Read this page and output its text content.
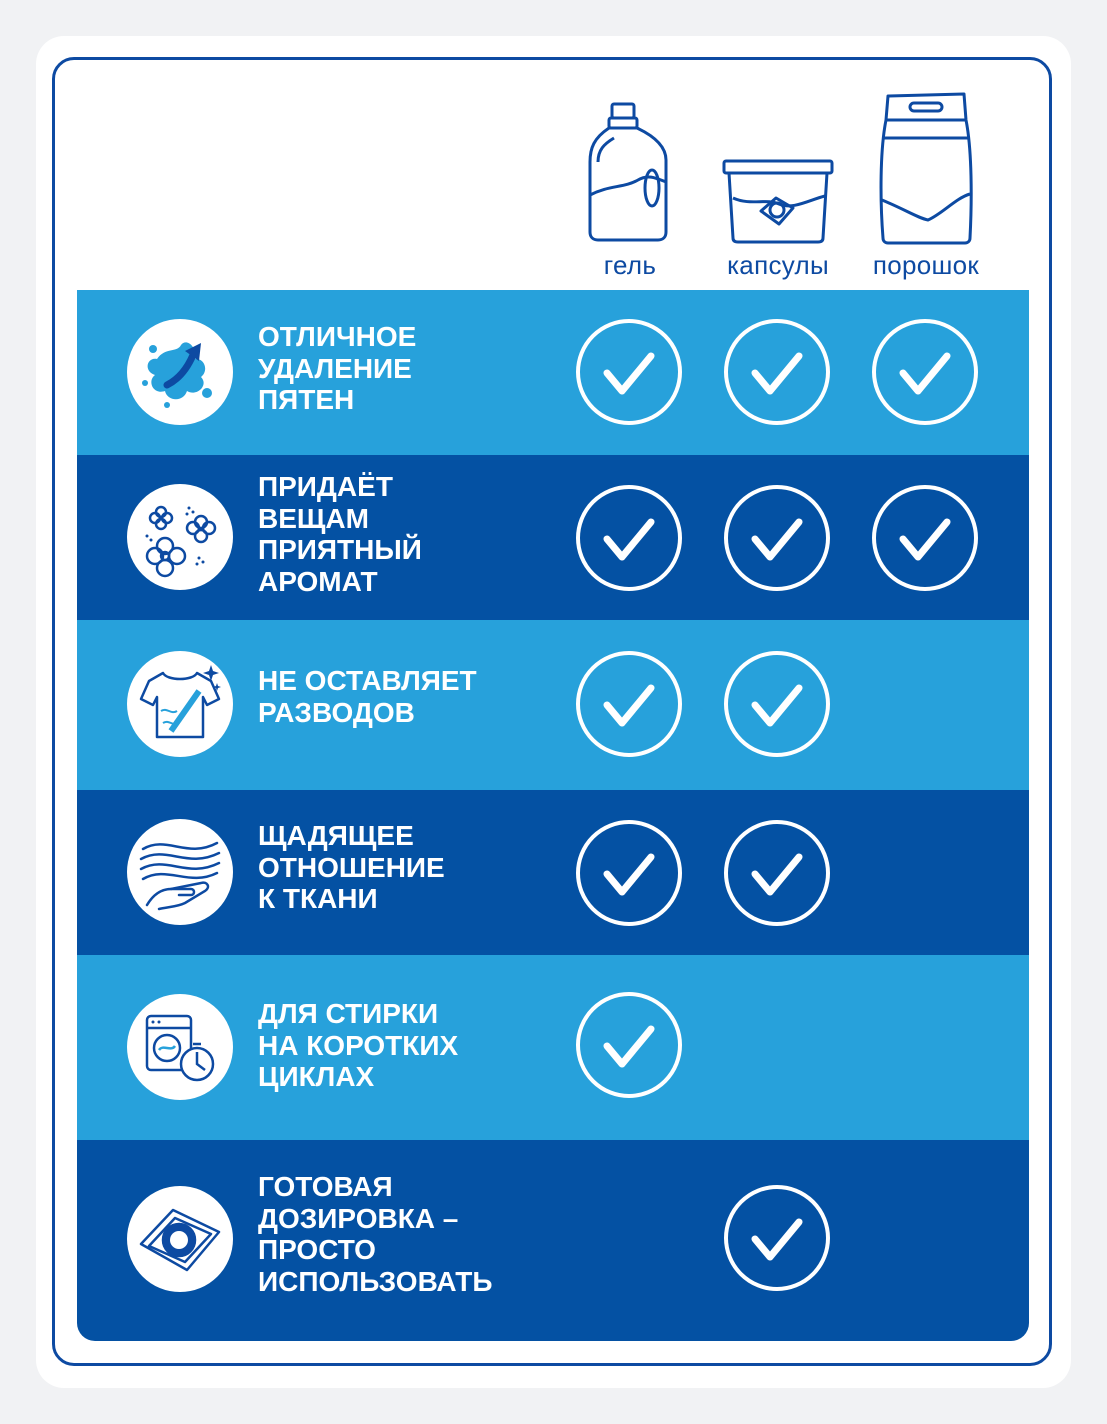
гель	капсулы	порошок
ОТЛИЧНОЕ
УДАЛЕНИЕ
ПЯТЕН
ПРИДАЁТ
ВЕЩАМ
ПРИЯТНЫЙ
АРОМАТ
НЕ ОСТАВЛЯЕТ
РАЗВОДОВ
ЩАДЯЩЕЕ
ОТНОШЕНИЕ
К ТКАНИ
ДЛЯ СТИРКИ
НА КОРОТКИХ
ЦИКЛАХ
ГОТОВАЯ
ДОЗИРОВКА –
ПРОСТО
ИСПОЛЬЗОВАТЬ
